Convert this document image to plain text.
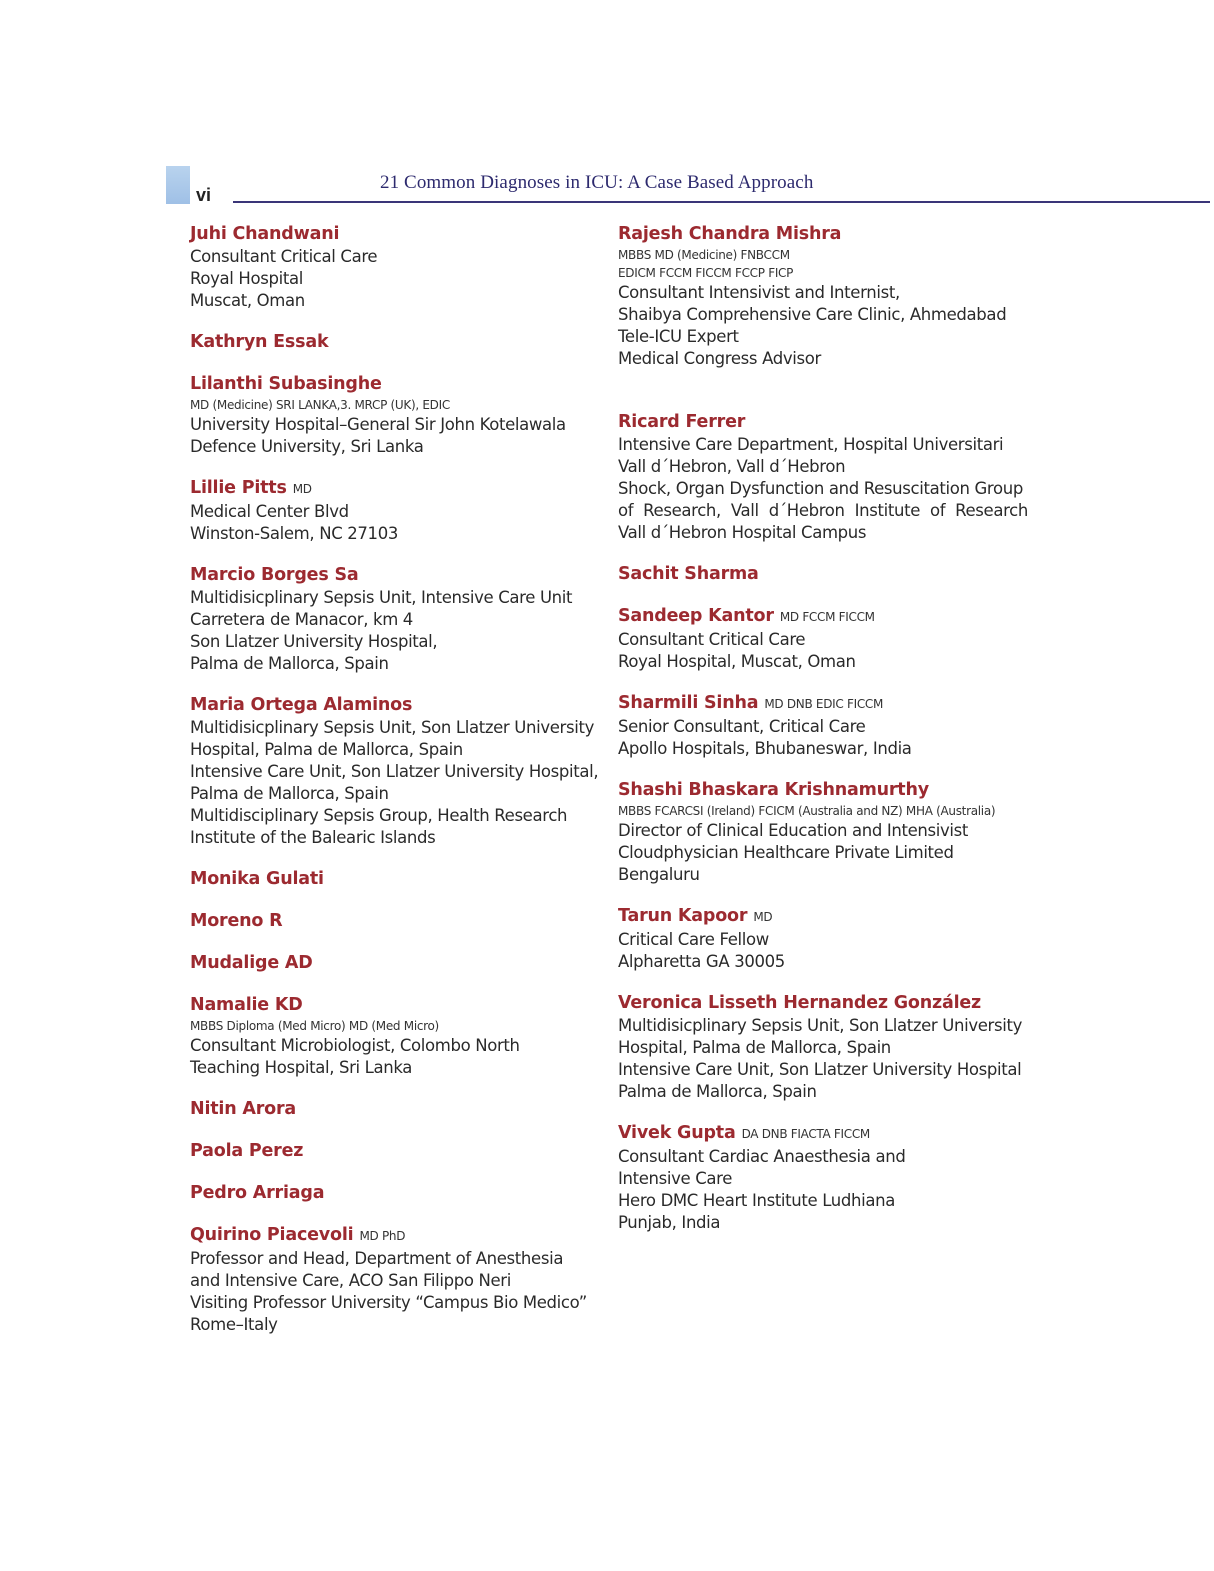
vi
21 Common Diagnoses in ICU: A Case Based Approach
Juhi Chandwani
Consultant Critical Care
Royal Hospital
Muscat, Oman
Kathryn Essak
Lilanthi Subasinghe
MD (Medicine) SRI LANKA,3. MRCP (UK), EDIC
University Hospital–General Sir John Kotelawala
Defence University, Sri Lanka
Lillie Pitts MD
Medical Center Blvd
Winston-Salem, NC 27103
Marcio Borges Sa
Multidisicplinary Sepsis Unit, Intensive Care Unit
Carretera de Manacor, km 4
Son Llatzer University Hospital,
Palma de Mallorca, Spain
Maria Ortega Alaminos
Multidisicplinary Sepsis Unit, Son Llatzer University
Hospital, Palma de Mallorca, Spain
Intensive Care Unit, Son Llatzer University Hospital,
Palma de Mallorca, Spain
Multidisciplinary Sepsis Group, Health Research
Institute of the Balearic Islands
Monika Gulati
Moreno R
Mudalige AD
Namalie KD
MBBS Diploma (Med Micro) MD (Med Micro)
Consultant Microbiologist, Colombo North
Teaching Hospital, Sri Lanka
Nitin Arora
Paola Perez
Pedro Arriaga
Quirino Piacevoli MD PhD
Professor and Head, Department of Anesthesia
and Intensive Care, ACO San Filippo Neri
Visiting Professor University “Campus Bio Medico”
Rome–Italy
Rajesh Chandra Mishra
MBBS MD (Medicine) FNBCCM
EDICM FCCM FICCM FCCP FICP
Consultant Intensivist and Internist,
Shaibya Comprehensive Care Clinic, Ahmedabad
Tele-ICU Expert
Medical Congress Advisor
Ricard Ferrer
Intensive Care Department, Hospital Universitari
Vall d´Hebron, Vall d´Hebron
Shock, Organ Dysfunction and Resuscitation Group
of Research, Vall d´Hebron Institute of Research
Vall d´Hebron Hospital Campus
Sachit Sharma
Sandeep Kantor MD FCCM FICCM
Consultant Critical Care
Royal Hospital, Muscat, Oman
Sharmili Sinha MD DNB EDIC FICCM
Senior Consultant, Critical Care
Apollo Hospitals, Bhubaneswar, India
Shashi Bhaskara Krishnamurthy
MBBS FCARCSI (Ireland) FCICM (Australia and NZ) MHA (Australia)
Director of Clinical Education and Intensivist
Cloudphysician Healthcare Private Limited
Bengaluru
Tarun Kapoor MD
Critical Care Fellow
Alpharetta GA 30005
Veronica Lisseth Hernandez González
Multidisicplinary Sepsis Unit, Son Llatzer University
Hospital, Palma de Mallorca, Spain
Intensive Care Unit, Son Llatzer University Hospital
Palma de Mallorca, Spain
Vivek Gupta DA DNB FIACTA FICCM
Consultant Cardiac Anaesthesia and
Intensive Care
Hero DMC Heart Institute Ludhiana
Punjab, India
